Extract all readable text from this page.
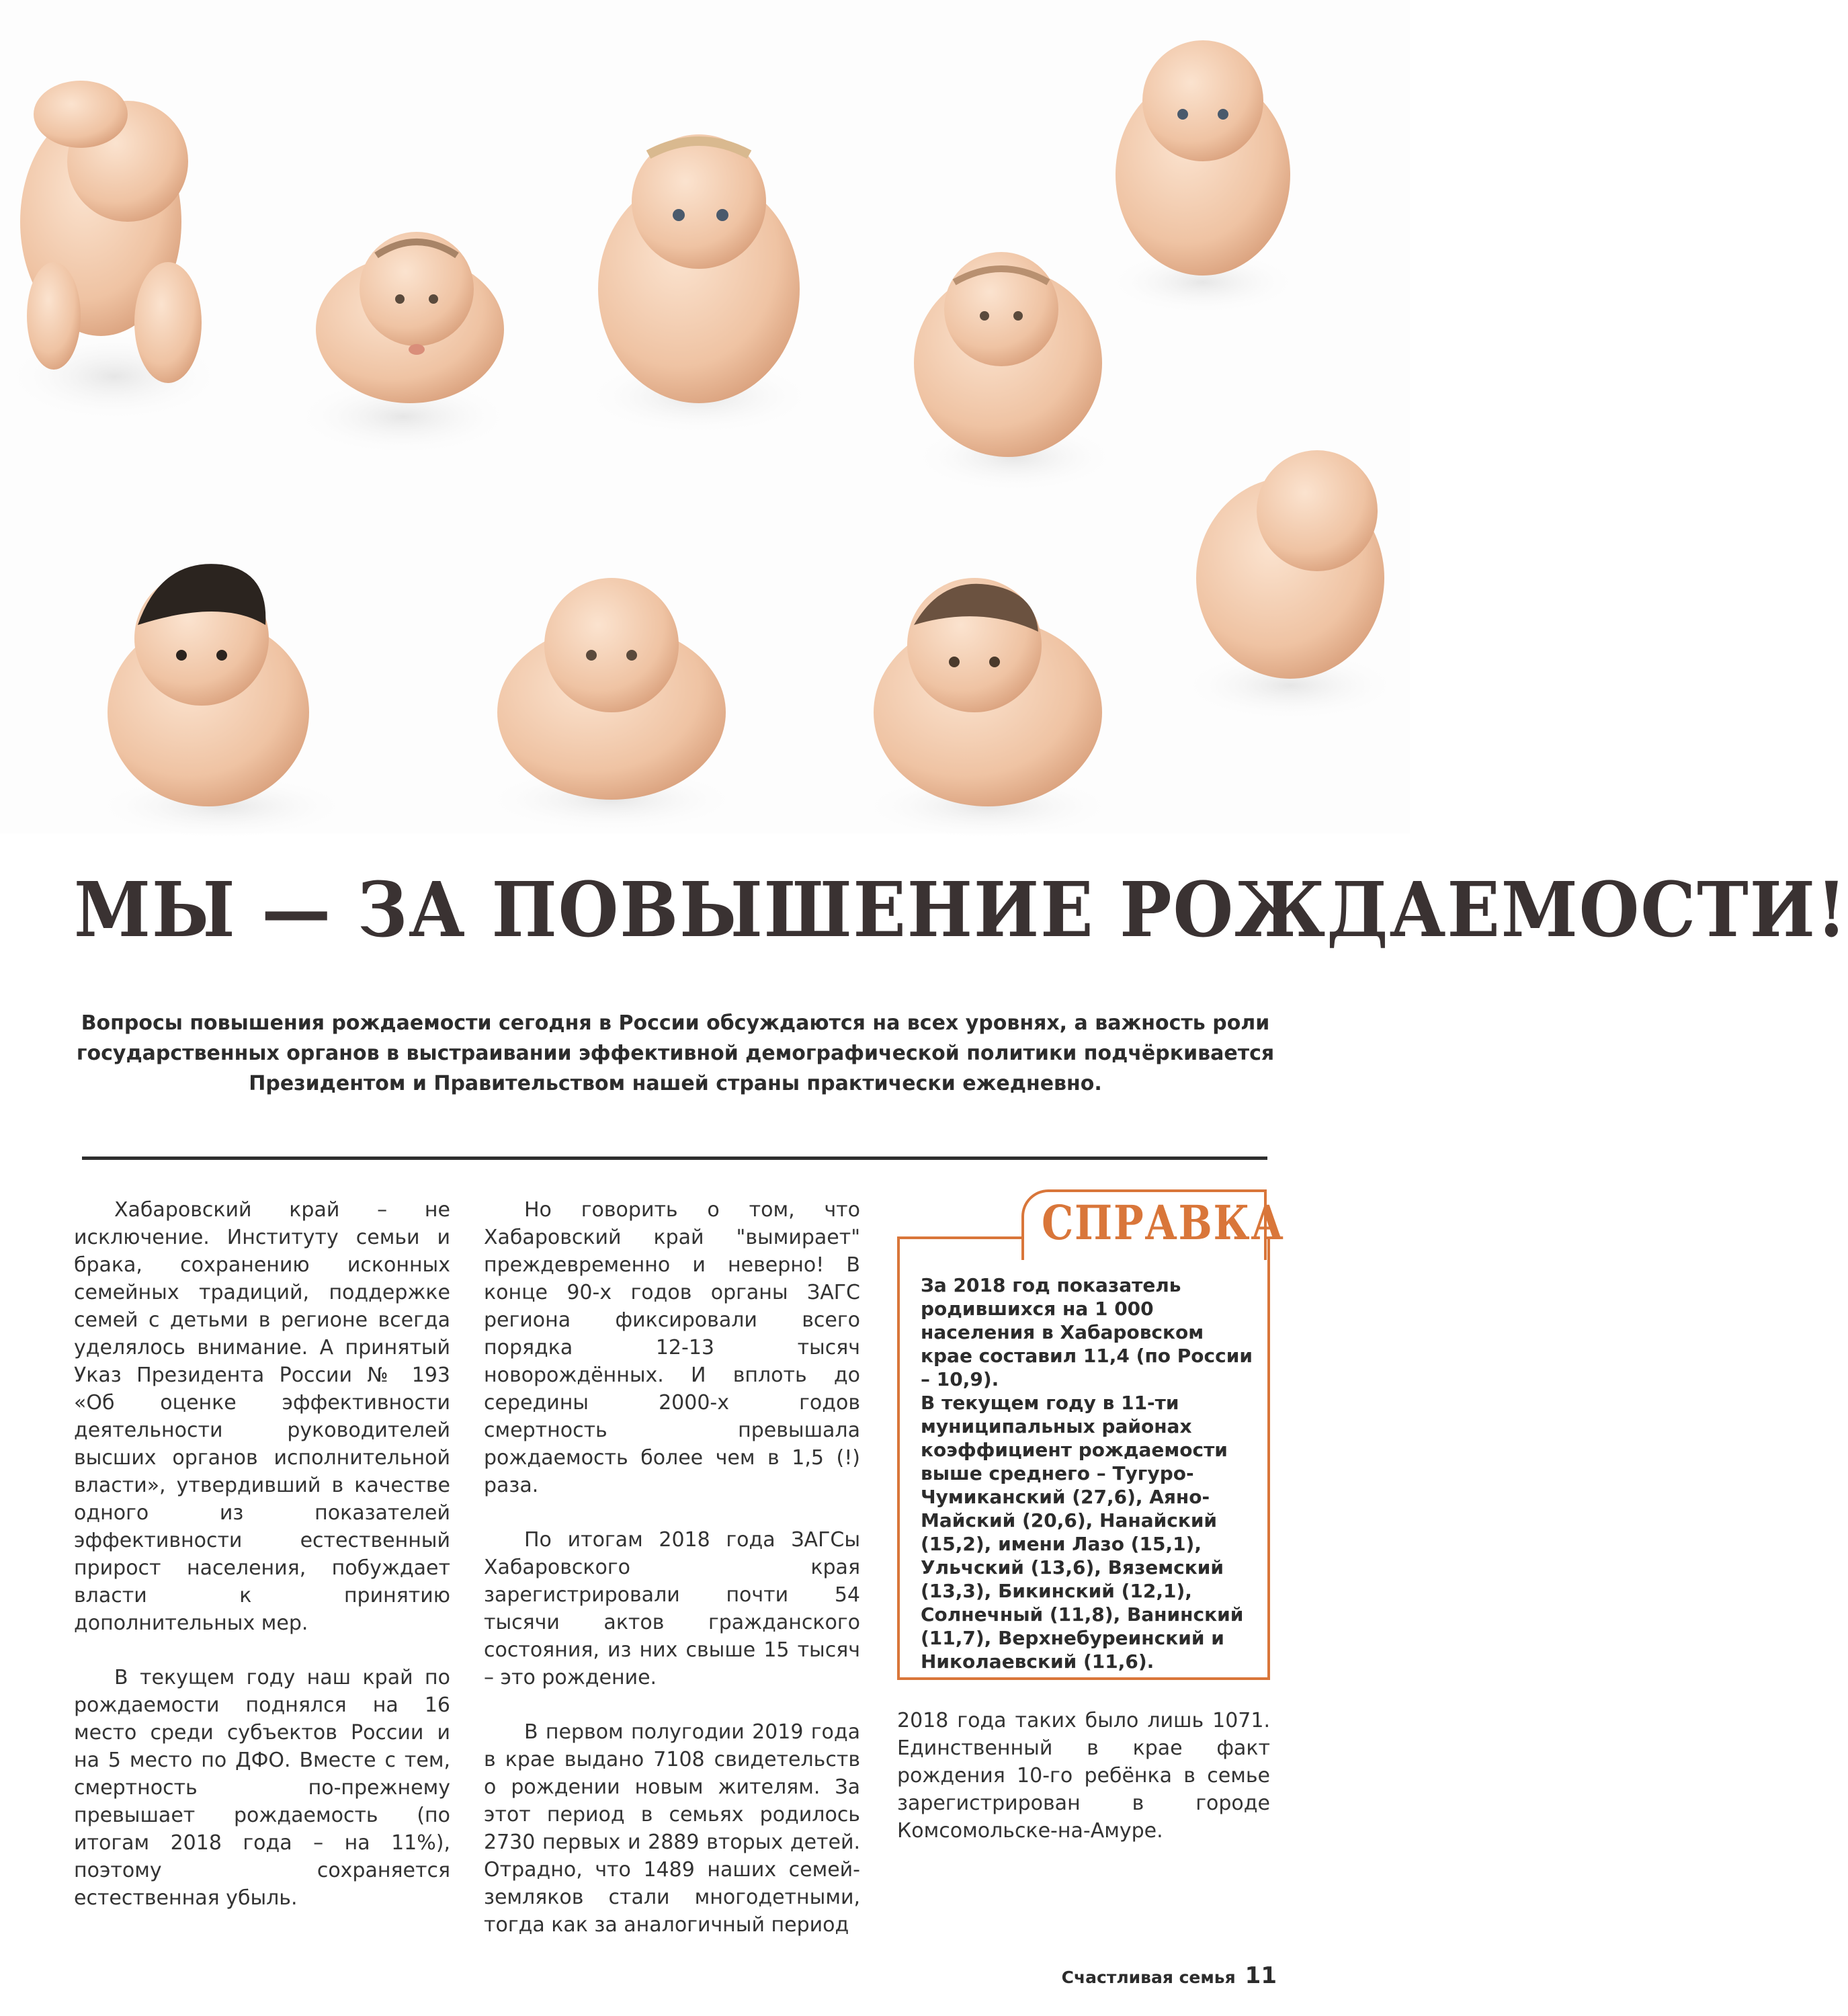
МЫ — ЗА ПОВЫШЕНИЕ РОЖДАЕМОСТИ!
Вопросы повышения рождаемости сегодня в России обсуждаются на всех уровнях, а важность роли государственных органов в выстраивании эффективной демографической политики подчёркивается Президентом и Правительством нашей страны практически ежедневно.

Хабаровский край – не исключение. Институту семьи и брака, сохранению исконных семейных традиций, поддержке семей с детьми в регионе всегда уделялось внимание. А принятый Указ Президента России № 193 «Об оценке эффективности деятельности руководителей высших органов исполнительной власти», утвердивший в качестве одного из показателей эффективности естественный прирост населения, побуждает власти к принятию дополнительных мер.

В текущем году наш край по рождаемости поднялся на 16 место среди субъектов России и на 5 место по ДФО. Вместе с тем, смертность по-прежнему превышает рождаемость (по итогам 2018 года – на 11%), поэтому сохраняется естественная убыль.

Но говорить о том, что Хабаровский край "вымирает" преждевременно и неверно! В конце 90-х годов органы ЗАГС региона фиксировали всего порядка 12-13 тысяч новорождённых. И вплоть до середины 2000-х годов смертность превышала рождаемость более чем в 1,5 (!) раза.

По итогам 2018 года ЗАГСы Хабаровского края зарегистрировали почти 54 тысячи актов гражданского состояния, из них свыше 15 тысяч – это рождение.

В первом полугодии 2019 года в крае выдано 7108 свидетельств о рождении новым жителям. За этот период в семьях родилось 2730 первых и 2889 вторых детей. Отрадно, что 1489 наших семей-земляков стали многодетными, тогда как за аналогичный период

СПРАВКА

За 2018 год показатель родившихся на 1 000 населения в Хабаровском крае составил 11,4 (по России – 10,9).

В текущем году в 11-ти муниципальных районах коэффициент рождаемости выше среднего – Тугуро-Чумиканский (27,6), Аяно-Майский (20,6), Нанайский (15,2), имени Лазо (15,1), Ульчский (13,6), Вяземский (13,3), Бикинский (12,1), Солнечный (11,8), Ванинский (11,7), Верхнебуреинский и Николаевский (11,6).

2018 года таких было лишь 1071. Единственный в крае факт рождения 10-го ребёнка в семье зарегистрирован в городе Комсомольске-на-Амуре.

Счастливая семья 11
